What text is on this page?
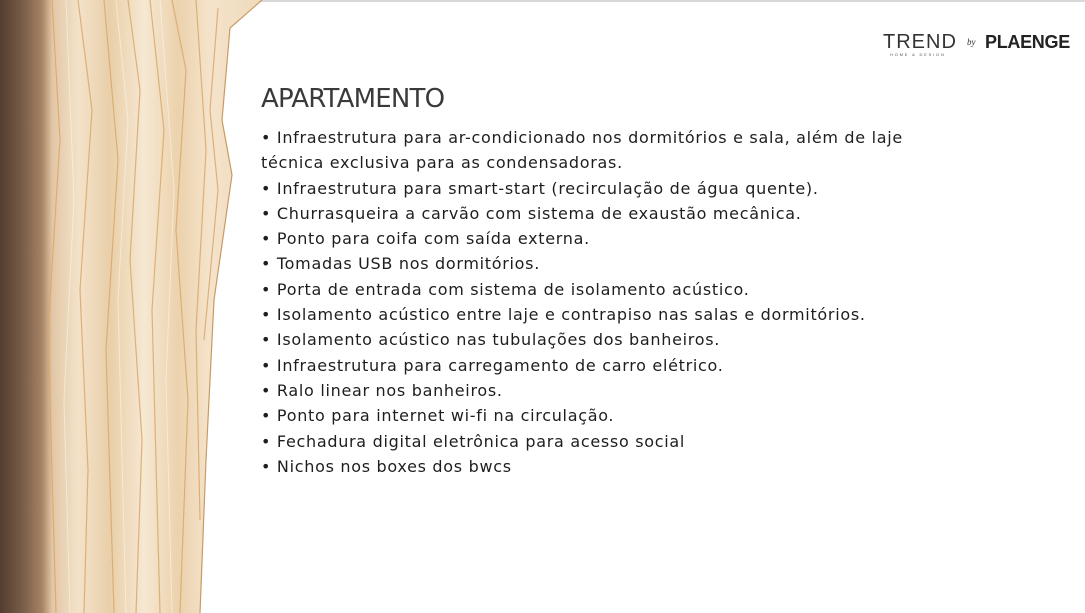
TREND
HOME & DESIGN
by PLAENGE
APARTAMENTO
• Infraestrutura para ar-condicionado nos dormitórios e sala, além de laje técnica exclusiva para as condensadoras.
• Infraestrutura para smart-start (recirculação de água quente).
• Churrasqueira a carvão com sistema de exaustão mecânica.
• Ponto para coifa com saída externa.
• Tomadas USB nos dormitórios.
• Porta de entrada com sistema de isolamento acústico.
• Isolamento acústico entre laje e contrapiso nas salas e dormitórios.
• Isolamento acústico nas tubulações dos banheiros.
• Infraestrutura para carregamento de carro elétrico.
• Ralo linear nos banheiros.
• Ponto para internet wi-fi na circulação.
• Fechadura digital eletrônica para acesso social
• Nichos nos boxes dos bwcs
